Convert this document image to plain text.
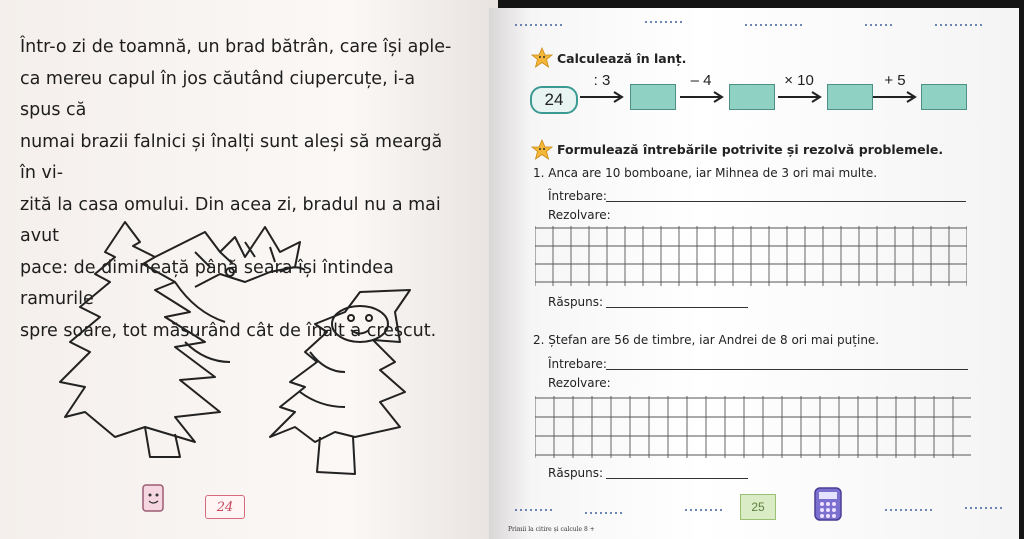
Într-o zi de toamnă, un brad bătrân, care își aple-
ca mereu capul în jos căutând ciupercuțe, i-a spus că
numai brazii falnici și înalți sunt aleși să meargă în vi-
zită la casa omului. Din acea zi, bradul nu a mai avut
pace: de dimineață până seara își întindea ramurile
spre soare, tot măsurând cât de înalt a crescut.

24
Calculează în lanț.
24
: 3	– 4	× 10	+ 5
Formulează întrebările potrivite și rezolvă problemele.
1. Anca are 10 bomboane, iar Mihnea de 3 ori mai multe.
Întrebare:
Rezolvare:
Răspuns:
2. Ștefan are 56 de timbre, iar Andrei de 8 ori mai puține.
Întrebare:
Rezolvare:
Răspuns:
25
Primii la citire și calcule 8 +
